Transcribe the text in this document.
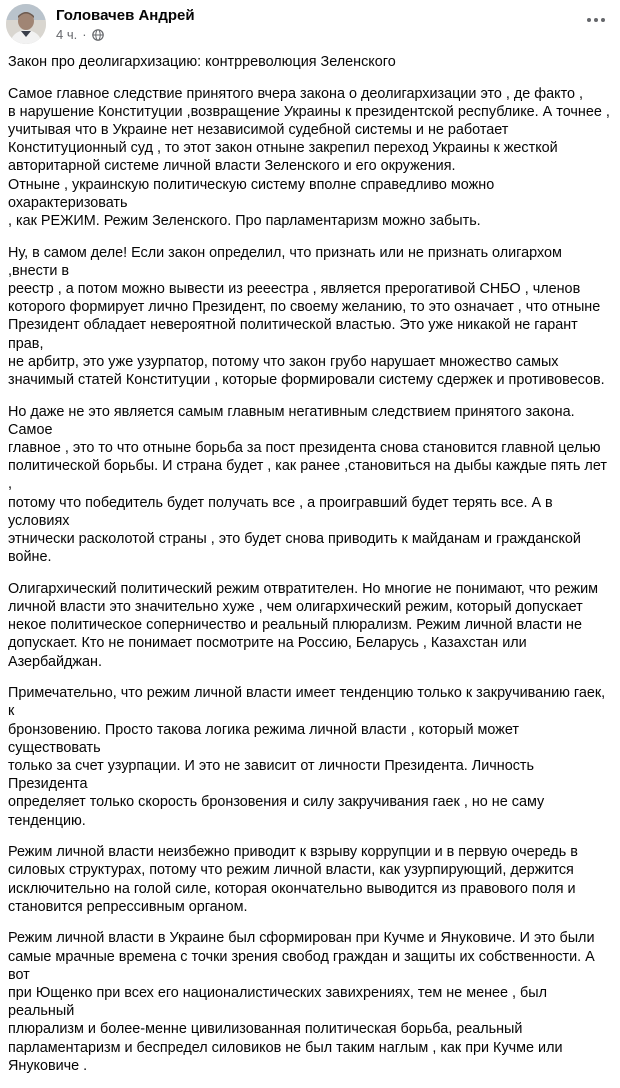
Головачев Андрей
4 ч. ·

Закон про деолигархизацию: контрреволюция Зеленского

Самое главное следствие принятого вчера закона о деолигархизации это , де факто ,
в нарушение Конституции ,возвращение Украины к президентской республике. А точнее ,
учитывая что в Украине нет независимой судебной системы и не работает
Конституционный суд , то этот закон отныне закрепил переход Украины к жесткой
авторитарной системе личной власти Зеленского и его окружения.
Отныне , украинскую политическую систему вполне справедливо можно охарактеризовать
, как РЕЖИМ. Режим Зеленского. Про парламентаризм можно забыть.

Ну, в самом деле! Если закон определил, что признать или не признать олигархом ,внести в
реестр , а потом можно вывести из рееестра , является прерогативой СНБО , членов
которого формирует лично Президент, по своему желанию, то это означает , что отныне
Президент обладает невероятной политической властью. Это уже никакой не гарант прав,
не арбитр, это уже узурпатор, потому что закон грубо нарушает множество самых
значимый статей Конституции , которые формировали систему сдержек и противовесов.

Но даже не это является самым главным негативным следствием принятого закона. Самое
главное , это то что отныне борьба за пост президента снова становится главной целью
политической борьбы. И страна будет , как ранее ,становиться на дыбы каждые пять лет ,
потому что победитель будет получать все , а проигравший будет терять все. А в условиях
этнически расколотой страны , это будет снова приводить к майданам и гражданской войне.

Олигархический политический режим отвратителен. Но многие не понимают, что режим
личной власти это значительно хуже , чем олигархический режим, который допускает
некое политическое соперничество и реальный плюрализм. Режим личной власти не
допускает. Кто не понимает посмотрите на Россию, Беларусь , Казахстан или Азербайджан.

Примечательно, что режим личной власти имеет тенденцию только к закручиванию гаек, к
бронзовению. Просто такова логика режима личной власти , который может существовать
только за счет узурпации. И это не зависит от личности Президента. Личность Президента
определяет только скорость бронзовения и силу закручивания гаек , но не саму
тенденцию.

Режим личной власти неизбежно приводит к взрыву коррупции и в первую очередь в
силовых структурах, потому что режим личной власти, как узурпирующий, держится
исключительно на голой силе, которая окончательно выводится из правового поля и
становится репрессивным органом.

Режим личной власти в Украине был сформирован при Кучме и Януковиче. И это были
самые мрачные времена с точки зрения свобод граждан и защиты их собственности. А вот
при Ющенко при всех его националистических завихрениях, тем не менее , был реальный
плюрализм и более-менне цивилизованная политическая борьба, реальный
парламентаризм и беспредел силовиков не был таким наглым , как при Кучме или
Януковиче .
